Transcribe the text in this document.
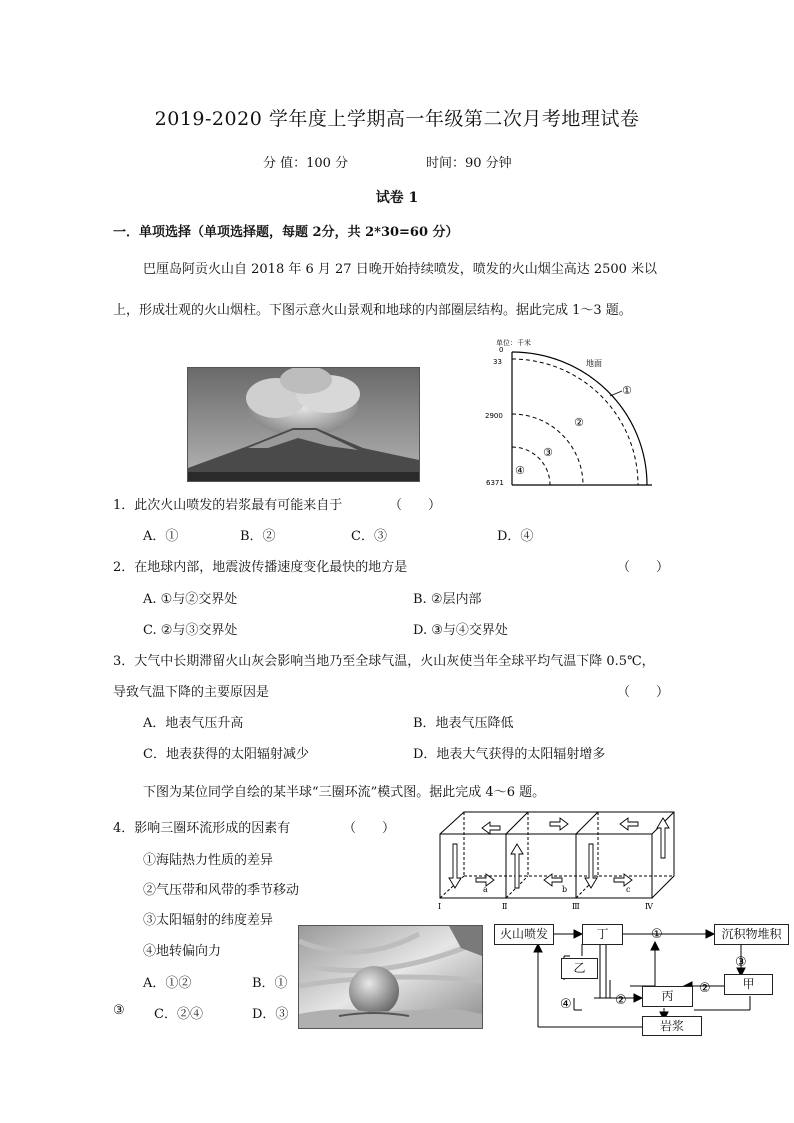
2019-2020 学年度上学期高一年级第二次月考地理试卷
分 值：100 分	时间：90 分钟
试卷 1
一．单项选择（单项选择题，每题 2分，共 2*30=60 分）
巴厘岛阿贡火山自 2018 年 6 月 27 日晚开始持续喷发，喷发的火山烟尘高达 2500 米以
上，形成壮观的火山烟柱。下图示意火山景观和地球的内部圈层结构。据此完成 1～3 题。
单位：千米
0
33
2900
6371
地面
①
②
③
④
1．此次火山喷发的岩浆最有可能来自于	（　　）
A．①	B．②	C．③	D．④
2．在地球内部，地震波传播速度变化最快的地方是	（　　）
A. ①与②交界处	B. ②层内部
C. ②与③交界处	D. ③与④交界处
3．大气中长期滞留火山灰会影响当地乃至全球气温，火山灰使当年全球平均气温下降 0.5℃，
导致气温下降的主要原因是	（　　）
A．地表气压升高	B．地表气压降低
C．地表获得的太阳辐射减少	D．地表大气获得的太阳辐射增多
下图为某位同学自绘的某半球“三圈环流”模式图。据此完成 4～6 题。
4．影响三圈环流形成的因素有	（　　）
①海陆热力性质的差异
②气压带和风带的季节移动
③太阳辐射的纬度差异
④地转偏向力
A．①②	B．①
③ C．②④	D．③
a	b	c
Ⅰ	Ⅱ	Ⅲ	Ⅳ
①
③
②
②
④
火山喷发	丁	沉积物堆积
乙
丙
甲
岩浆
